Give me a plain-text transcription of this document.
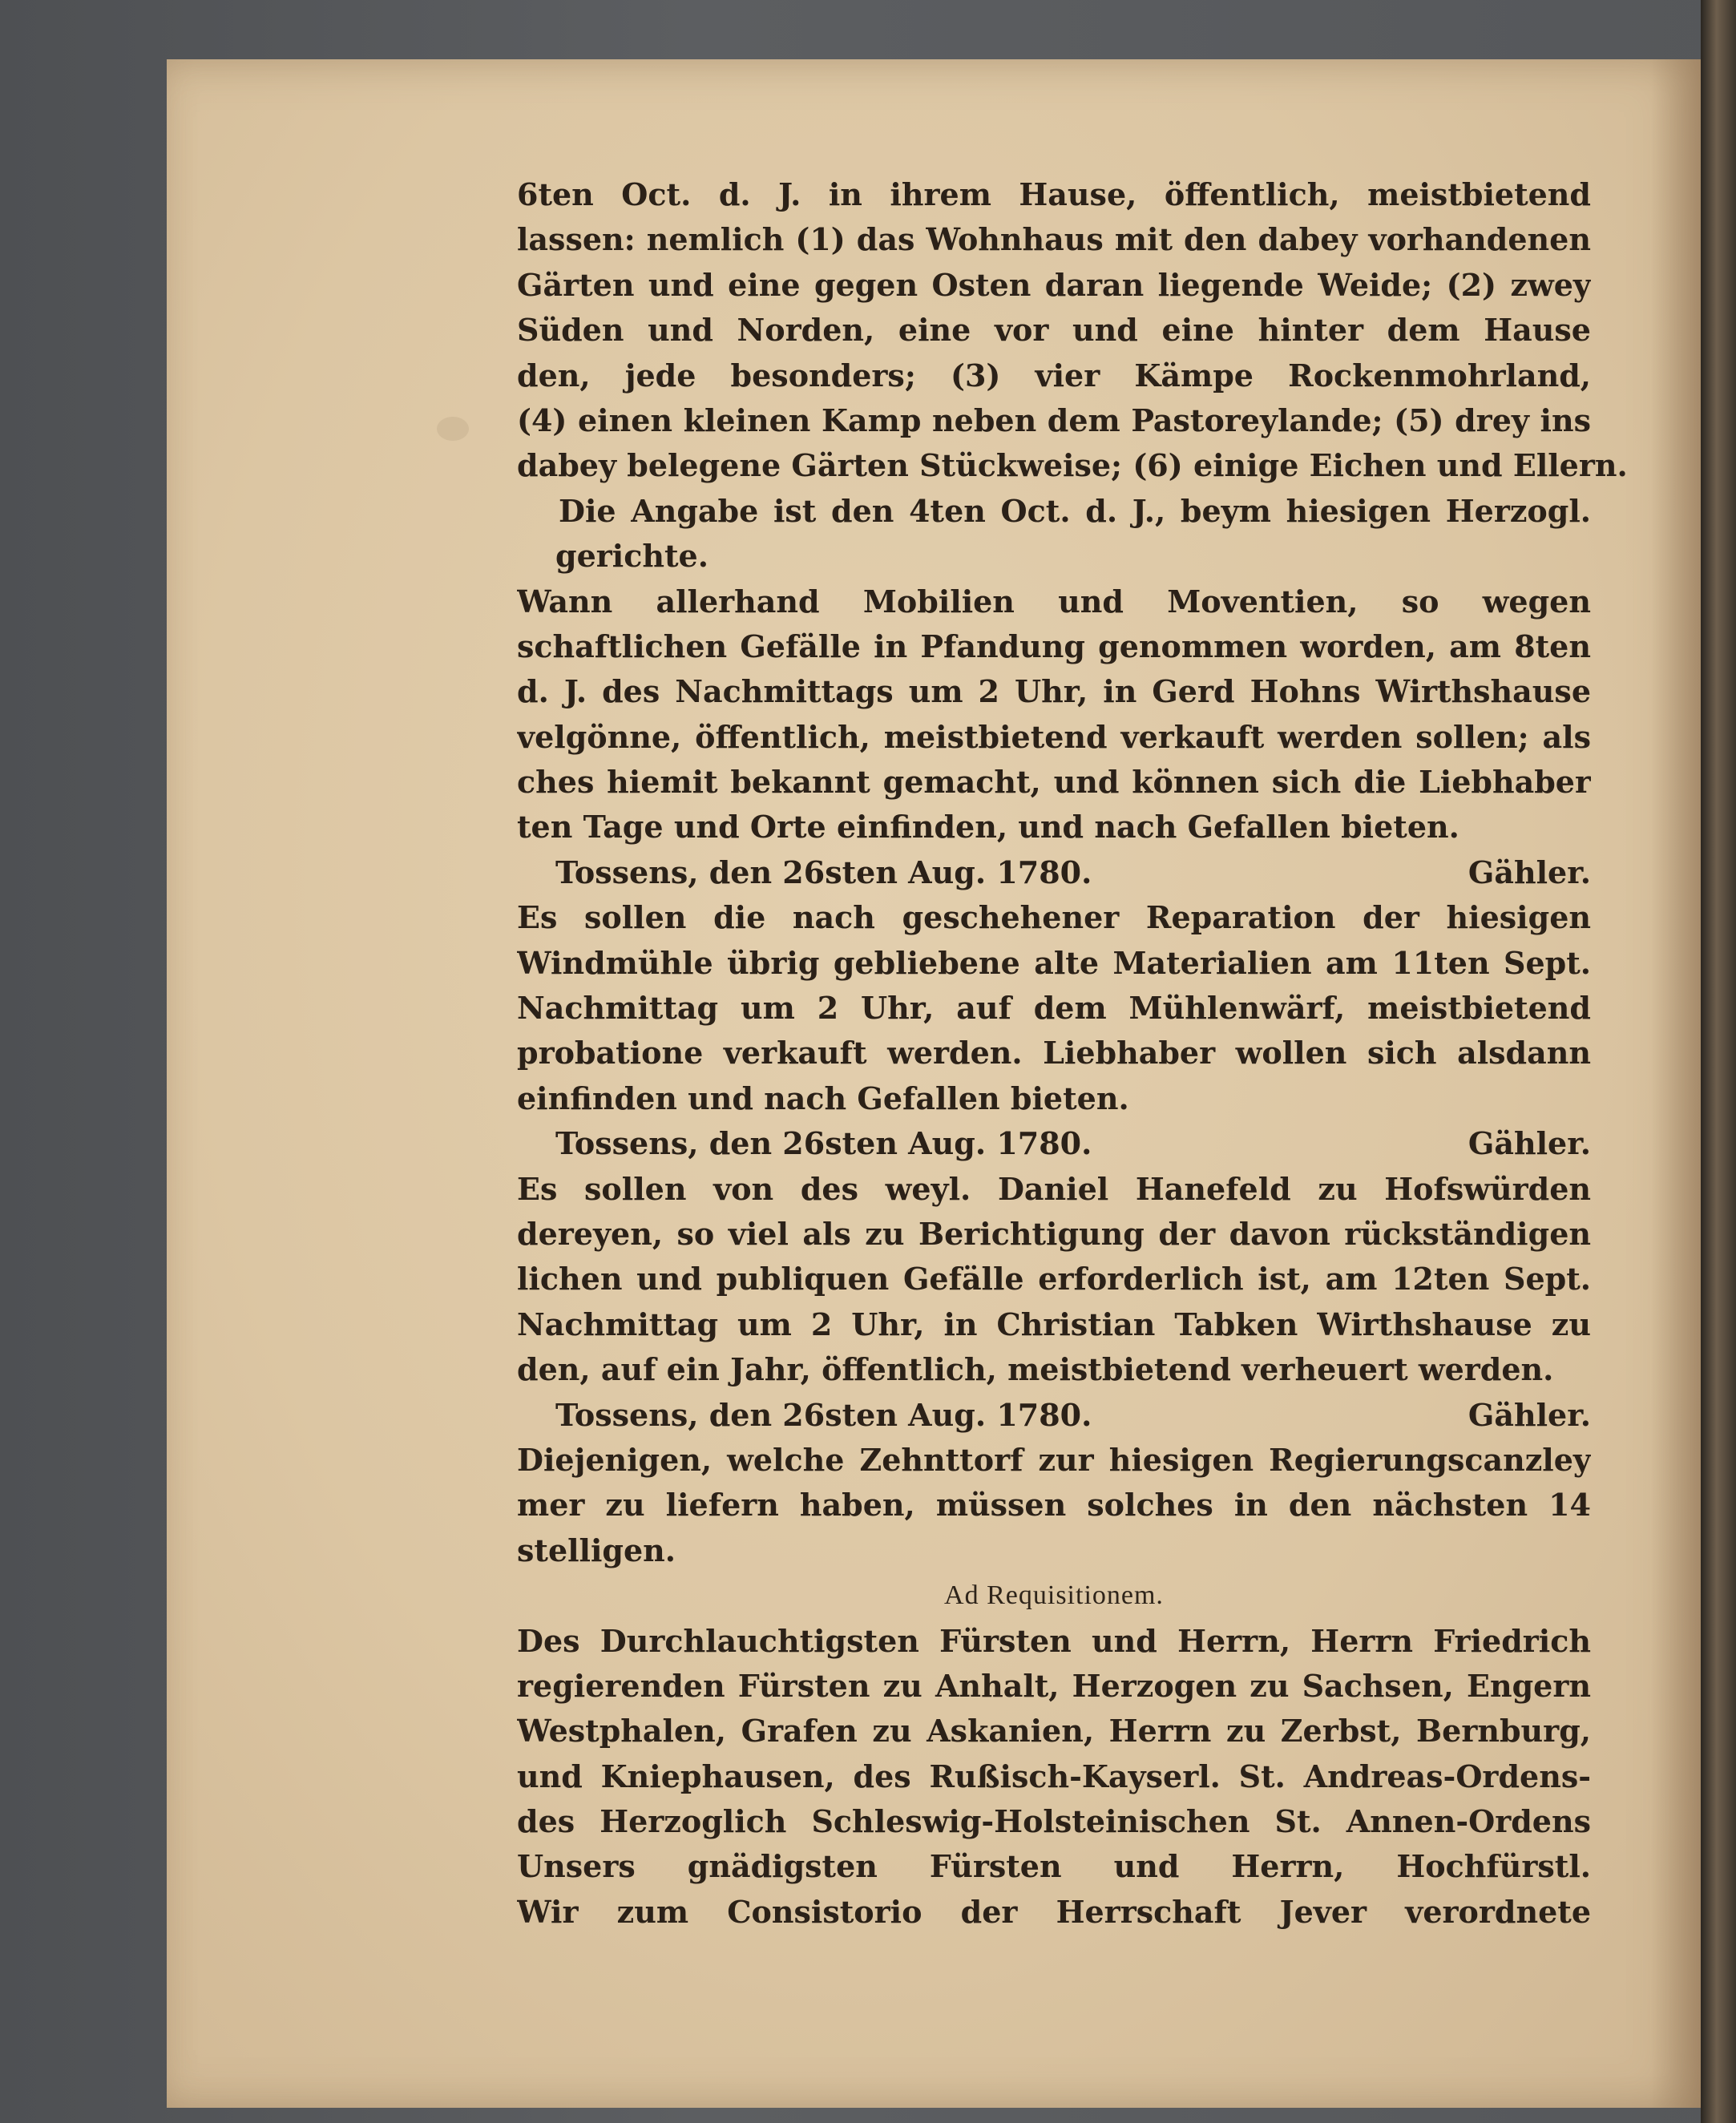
6ten Oct. d. J. in ihrem Hause, öffentlich, meistbietend
lassen: nemlich (1) das Wohnhaus mit den dabey vorhandenen
Gärten und eine gegen Osten daran liegende Weide; (2) zwey
Süden und Norden, eine vor und eine hinter dem Hause
den, jede besonders; (3) vier Kämpe Rockenmohrland,
(4) einen kleinen Kamp neben dem Pastoreylande; (5) drey ins
dabey belegene Gärten Stückweise; (6) einige Eichen und Ellern.
Die Angabe ist den 4ten Oct. d. J., beym hiesigen Herzogl.
gerichte.
Wann allerhand Mobilien und Moventien, so wegen
schaftlichen Gefälle in Pfandung genommen worden, am 8ten
d. J. des Nachmittags um 2 Uhr, in Gerd Hohns Wirthshause
velgönne, öffentlich, meistbietend verkauft werden sollen; als
ches hiemit bekannt gemacht, und können sich die Liebhaber
ten Tage und Orte einfinden, und nach Gefallen bieten.
Tossens, den 26sten Aug. 1780.	Gähler.
Es sollen die nach geschehener Reparation der hiesigen
Windmühle übrig gebliebene alte Materialien am 11ten Sept.
Nachmittag um 2 Uhr, auf dem Mühlenwärf, meistbietend
probatione verkauft werden. Liebhaber wollen sich alsdann
einfinden und nach Gefallen bieten.
Tossens, den 26sten Aug. 1780.	Gähler.
Es sollen von des weyl. Daniel Hanefeld zu Hofswürden
dereyen, so viel als zu Berichtigung der davon rückständigen
lichen und publiquen Gefälle erforderlich ist, am 12ten Sept.
Nachmittag um 2 Uhr, in Christian Tabken Wirthshause zu
den, auf ein Jahr, öffentlich, meistbietend verheuert werden.
Tossens, den 26sten Aug. 1780.	Gähler.
Diejenigen, welche Zehnttorf zur hiesigen Regierungscanzley
mer zu liefern haben, müssen solches in den nächsten 14
stelligen.
Ad Requisitionem.
Des Durchlauchtigsten Fürsten und Herrn, Herrn Friedrich
regierenden Fürsten zu Anhalt, Herzogen zu Sachsen, Engern
Westphalen, Grafen zu Askanien, Herrn zu Zerbst, Bernburg,
und Kniephausen, des Rußisch-Kayserl. St. Andreas-Ordens-
des Herzoglich Schleswig-Holsteinischen St. Annen-Ordens
Unsers gnädigsten Fürsten und Herrn, Hochfürstl.
Wir zum Consistorio der Herrschaft Jever verordnete
